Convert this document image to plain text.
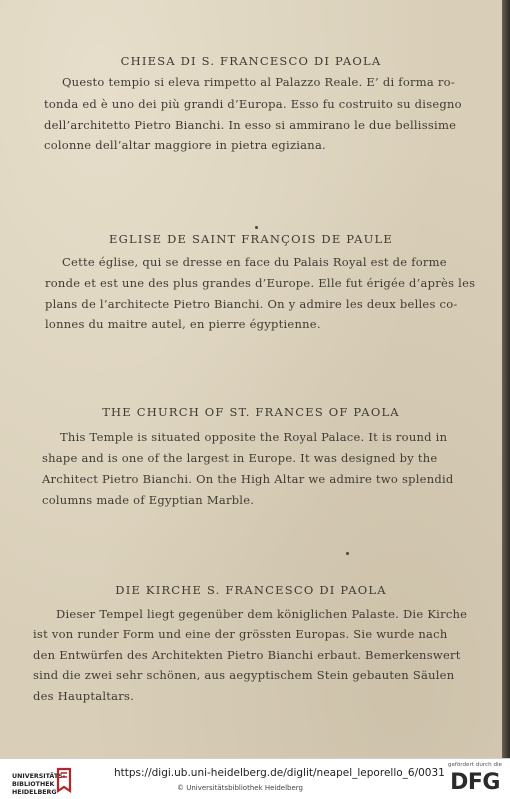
CHIESA DI S. FRANCESCO DI PAOLA
Questo tempio si eleva rimpetto al Palazzo Reale. E’ di forma ro-
tonda ed è uno dei più grandi d’Europa. Esso fu costruito su disegno
dell’architetto Pietro Bianchi. In esso si ammirano le due bellissime
colonne dell’altar maggiore in pietra egiziana.
EGLISE DE SAINT FRANÇOIS DE PAULE
Cette église, qui se dresse en face du Palais Royal est de forme
ronde et est une des plus grandes d’Europe. Elle fut érigée d’après les
plans de l’architecte Pietro Bianchi. On y admire les deux belles co-
lonnes du maitre autel, en pierre égyptienne.
THE CHURCH OF ST. FRANCES OF PAOLA
This Temple is situated opposite the Royal Palace. It is round in
shape and is one of the largest in Europe. It was designed by the
Architect Pietro Bianchi. On the High Altar we admire two splendid
columns made of Egyptian Marble.
DIE KIRCHE S. FRANCESCO DI PAOLA
Dieser Tempel liegt gegenüber dem königlichen Palaste. Die Kirche
ist von runder Form und eine der grössten Europas. Sie wurde nach
den Entwürfen des Architekten Pietro Bianchi erbaut. Bemerkenswert
sind die zwei sehr schönen, aus aegyptischem Stein gebauten Säulen
des Hauptaltars.
UNIVERSITÄTS-
BIBLIOTHEK
HEIDELBERG
https://digi.ub.uni-heidelberg.de/diglit/neapel_leporello_6/0031
© Universitätsbibliothek Heidelberg
gefördert durch die
DFG
